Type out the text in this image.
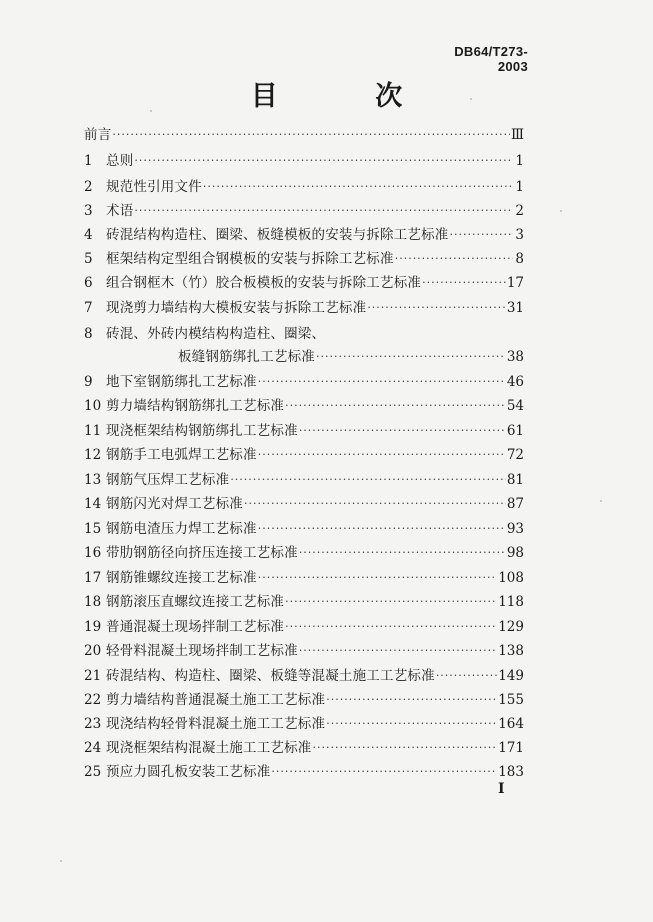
DB64/T273-2003
目 次
前言 ·····	Ⅲ
1 总则 ·····	1
2 规范性引用文件 ·····	1
3 术语 ·····	2
4 砖混结构构造柱、圈梁、板缝模板的安装与拆除工艺标准 ·····	3
5 框架结构定型组合钢模板的安装与拆除工艺标准 ·····	8
6 组合钢框木（竹）胶合板模板的安装与拆除工艺标准 ·····	17
7 现浇剪力墙结构大模板安装与拆除工艺标准 ·····	31
8 砖混、外砖内模结构构造柱、圈梁、
板缝钢筋绑扎工艺标准 ·····	38
9 地下室钢筋绑扎工艺标准 ·····	46
10 剪力墙结构钢筋绑扎工艺标准 ·····	54
11 现浇框架结构钢筋绑扎工艺标准 ·····	61
12 钢筋手工电弧焊工艺标准 ·····	72
13 钢筋气压焊工艺标准 ·····	81
14 钢筋闪光对焊工艺标准 ·····	87
15 钢筋电渣压力焊工艺标准 ·····	93
16 带肋钢筋径向挤压连接工艺标准 ·····	98
17 钢筋锥螺纹连接工艺标准 ·····	108
18 钢筋滚压直螺纹连接工艺标准 ·····	118
19 普通混凝土现场拌制工艺标准 ·····	129
20 轻骨料混凝土现场拌制工艺标准 ·····	138
21 砖混结构、构造柱、圈梁、板缝等混凝土施工工艺标准 ·····	149
22 剪力墙结构普通混凝土施工工艺标准 ·····	155
23 现浇结构轻骨料混凝土施工工艺标准 ·····	164
24 现浇框架结构混凝土施工工艺标准 ·····	171
25 预应力圆孔板安装工艺标准 ·····	183
I
